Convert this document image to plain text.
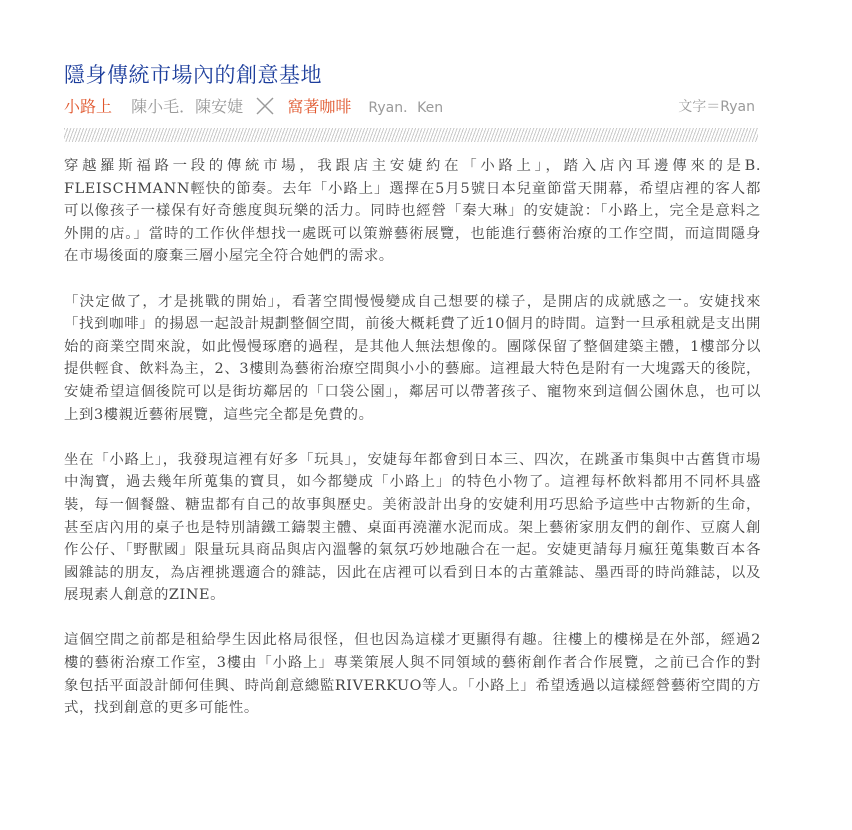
隱身傳統市場內的創意基地
小路上 陳小毛．陳安婕	窩著咖啡 Ryan．Ken	文字＝Ryan

穿越羅斯福路一段的傳統市場，我跟店主安婕約在「小路上」，踏入店內耳邊傳來的是B. FLEISCHMANN輕快的節奏。去年「小路上」選擇在5月5號日本兒童節當天開幕，希望店裡的客人都可以像孩子一樣保有好奇態度與玩樂的活力。同時也經營「秦大琳」的安婕說：「小路上，完全是意料之外開的店。」當時的工作伙伴想找一處既可以策辦藝術展覽，也能進行藝術治療的工作空間，而這間隱身在市場後面的廢棄三層小屋完全符合她們的需求。

「決定做了，才是挑戰的開始」，看著空間慢慢變成自己想要的樣子，是開店的成就感之一。安婕找來「找到咖啡」的揚恩一起設計規劃整個空間，前後大概耗費了近10個月的時間。這對一旦承租就是支出開始的商業空間來說，如此慢慢琢磨的過程，是其他人無法想像的。團隊保留了整個建築主體，1樓部分以提供輕食、飲料為主，2、3樓則為藝術治療空間與小小的藝廊。這裡最大特色是附有一大塊露天的後院，安婕希望這個後院可以是街坊鄰居的「口袋公園」，鄰居可以帶著孩子、寵物來到這個公園休息，也可以上到3樓親近藝術展覽，這些完全都是免費的。

坐在「小路上」，我發現這裡有好多「玩具」，安婕每年都會到日本三、四次，在跳蚤市集與中古舊貨市場中淘寶，過去幾年所蒐集的寶貝，如今都變成「小路上」的特色小物了。這裡每杯飲料都用不同杯具盛裝，每一個餐盤、糖盅都有自己的故事與歷史。美術設計出身的安婕利用巧思給予這些中古物新的生命，甚至店內用的桌子也是特別請鐵工鑄製主體、桌面再澆灌水泥而成。架上藝術家朋友們的創作、豆腐人創作公仔、「野獸國」限量玩具商品與店內溫馨的氣氛巧妙地融合在一起。安婕更請每月瘋狂蒐集數百本各國雜誌的朋友，為店裡挑選適合的雜誌，因此在店裡可以看到日本的古董雜誌、墨西哥的時尚雜誌，以及展現素人創意的ZINE。

這個空間之前都是租給學生因此格局很怪，但也因為這樣才更顯得有趣。往樓上的樓梯是在外部，經過2樓的藝術治療工作室，3樓由「小路上」專業策展人與不同領域的藝術創作者合作展覽，之前已合作的對象包括平面設計師何佳興、時尚創意總監RIVERKUO等人。「小路上」希望透過以這樣經營藝術空間的方式，找到創意的更多可能性。
